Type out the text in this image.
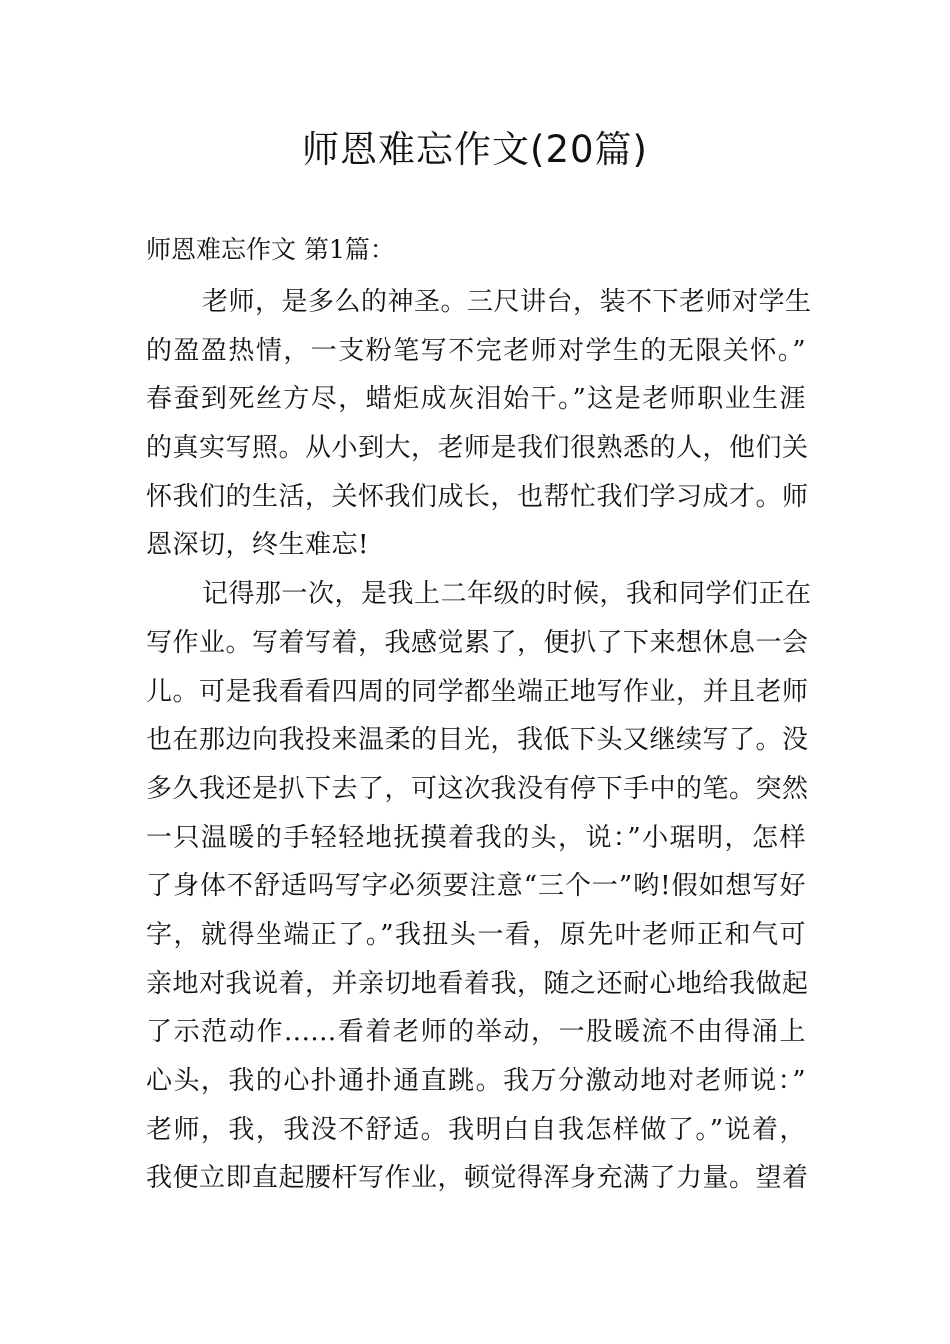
师恩难忘作文(20篇)
师恩难忘作文 第1篇：

老师，是多么的神圣。三尺讲台，装不下老师对学生
的盈盈热情，一支粉笔写不完老师对学生的无限关怀。”
春蚕到死丝方尽，蜡炬成灰泪始干。”这是老师职业生涯
的真实写照。从小到大，老师是我们很熟悉的人，他们关
怀我们的生活，关怀我们成长，也帮忙我们学习成才。师
恩深切，终生难忘!

记得那一次，是我上二年级的时候，我和同学们正在
写作业。写着写着，我感觉累了，便扒了下来想休息一会
儿。可是我看看四周的同学都坐端正地写作业，并且老师
也在那边向我投来温柔的目光，我低下头又继续写了。没
多久我还是扒下去了，可这次我没有停下手中的笔。突然
一只温暖的手轻轻地抚摸着我的头，说：”小琚明，怎样
了身体不舒适吗写字必须要注意“三个一”哟!假如想写好
字，就得坐端正了。”我扭头一看，原先叶老师正和气可
亲地对我说着，并亲切地看着我，随之还耐心地给我做起
了示范动作......看着老师的举动，一股暖流不由得涌上
心头，我的心扑通扑通直跳。我万分激动地对老师说：”
老师，我，我没不舒适。我明白自我怎样做了。”说着，
我便立即直起腰杆写作业，顿觉得浑身充满了力量。望着
